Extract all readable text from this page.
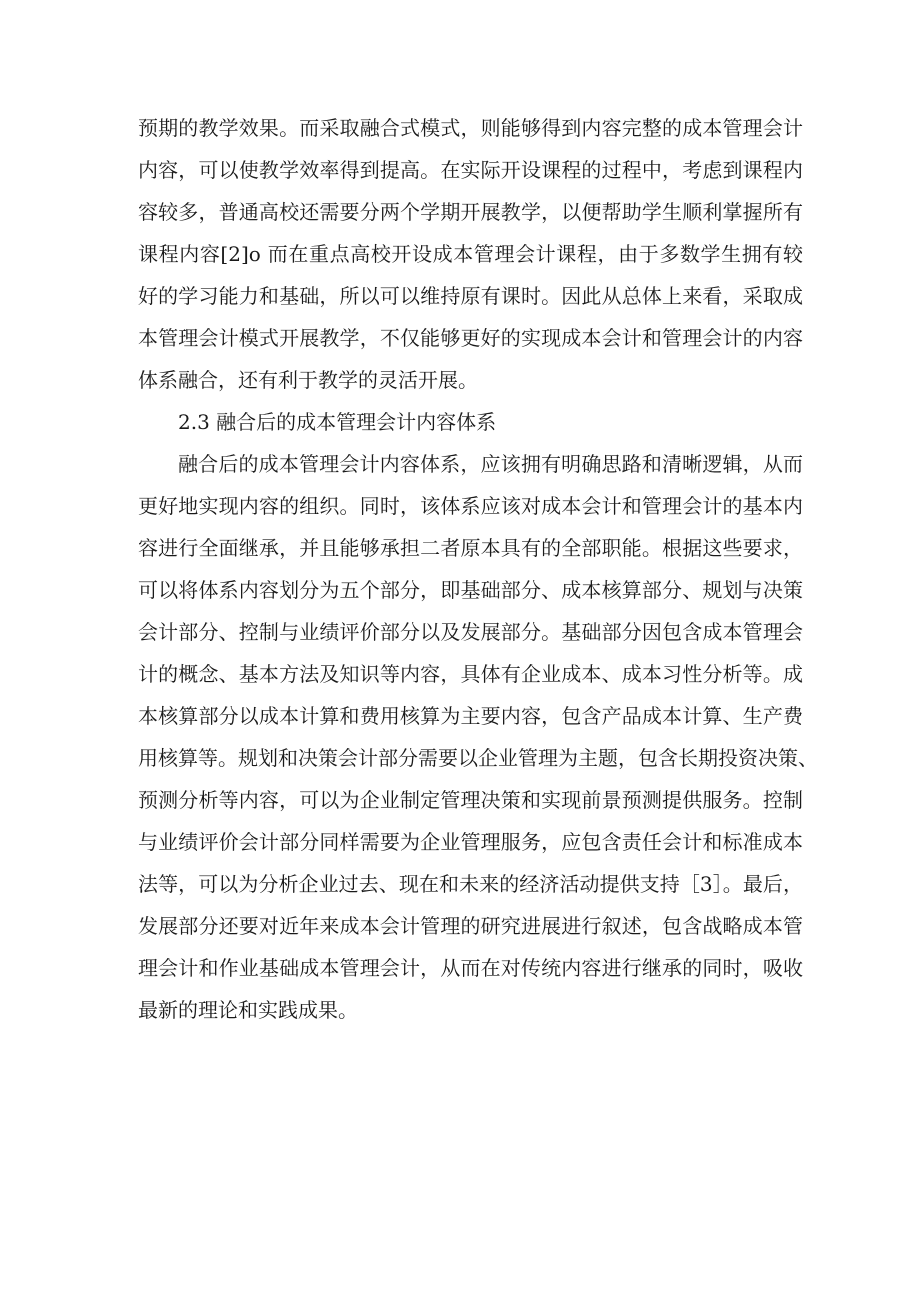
预期的教学效果。而采取融合式模式，则能够得到内容完整的成本管理会计
内容，可以使教学效率得到提高。在实际开设课程的过程中，考虑到课程内
容较多，普通高校还需要分两个学期开展教学，以便帮助学生顺利掌握所有
课程内容[2]o 而在重点高校开设成本管理会计课程，由于多数学生拥有较
好的学习能力和基础，所以可以维持原有课时。因此从总体上来看，采取成
本管理会计模式开展教学，不仅能够更好的实现成本会计和管理会计的内容
体系融合，还有利于教学的灵活开展。
2.3 融合后的成本管理会计内容体系
融合后的成本管理会计内容体系，应该拥有明确思路和清晰逻辑，从而
更好地实现内容的组织。同时，该体系应该对成本会计和管理会计的基本内
容进行全面继承，并且能够承担二者原本具有的全部职能。根据这些要求，
可以将体系内容划分为五个部分，即基础部分、成本核算部分、规划与决策
会计部分、控制与业绩评价部分以及发展部分。基础部分因包含成本管理会
计的概念、基本方法及知识等内容，具体有企业成本、成本习性分析等。成
本核算部分以成本计算和费用核算为主要内容，包含产品成本计算、生产费
用核算等。规划和决策会计部分需要以企业管理为主题，包含长期投资决策、
预测分析等内容，可以为企业制定管理决策和实现前景预测提供服务。控制
与业绩评价会计部分同样需要为企业管理服务，应包含责任会计和标准成本
法等，可以为分析企业过去、现在和未来的经济活动提供支持［3］。最后，
发展部分还要对近年来成本会计管理的研究进展进行叙述，包含战略成本管
理会计和作业基础成本管理会计，从而在对传统内容进行继承的同时，吸收
最新的理论和实践成果。
